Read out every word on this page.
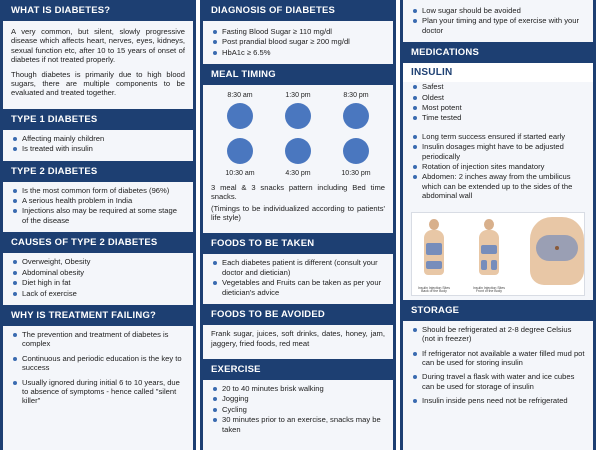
WHAT IS DIABETES?

A very common, but silent, slowly progressive disease which affects heart, nerves, eyes, kidneys, sexual function etc, after 10 to 15 years of onset of diabetes if not treated properly.

Though diabetes is primarily due to high blood sugars, there are multiple components to be evaluated and treated together.

TYPE 1 DIABETES
Affecting mainly children
Is treated with insulin
TYPE 2 DIABETES
Is the most common form of diabetes (96%)
A serious health problem in India
Injections also may be required at some stage of the disease
CAUSES OF TYPE 2 DIABETES
Overweight, Obesity
Abdominal obesity
Diet high in fat
Lack of exercise
WHY IS TREATMENT FAILING?
The prevention and treatment of diabetes is complex
Continuous and periodic education is the key to success
Usually ignored during initial 6 to 10 years, due to absence of symptoms - hence called "silent killer"
DIAGNOSIS OF DIABETES
Fasting Blood Sugar ≥ 110 mg/dl
Post prandial blood sugar ≥ 200 mg/dl
HbA1c ≥ 6.5%
MEAL TIMING
8:30 am	1:30 pm	8:30 pm
10:30 am	4:30 pm	10:30 pm

3 meal & 3 snacks pattern including Bed time snacks.

(Timings to be individualized according to patients' life style)

FOODS TO BE TAKEN
Each diabetes patient is different (consult your doctor and dietician)
Vegetables and Fruits can be taken as per your dietician's advice
FOODS TO BE AVOIDED

Frank sugar, juices, soft drinks, dates, honey, jam, jaggery, fried foods, red meat

EXERCISE
20 to 40 minutes brisk walking
Jogging
Cycling
30 minutes prior to an exercise, snacks may be taken
Low sugar should be avoided
Plan your timing and type of exercise with your doctor
MEDICATIONS
INSULIN
Safest
Oldest
Most potent
Time tested
Long term success ensured if started early
Insulin dosages might have to be adjusted periodically
Rotation of injection sites mandatory
Abdomen: 2 inches away from the umbilicus which can be extended up to the sides of the abdominal wall
Insulin Injection Sites Back of the Body
Insulin Injection Sites Front of the Body
STORAGE
Should be refrigerated at 2-8 degree Celsius (not in freezer)
If refrigerator not available a water filled mud pot can be used for storing insulin
During travel a flask with water and ice cubes can be used for storage of insulin
Insulin inside pens need not be refrigerated
